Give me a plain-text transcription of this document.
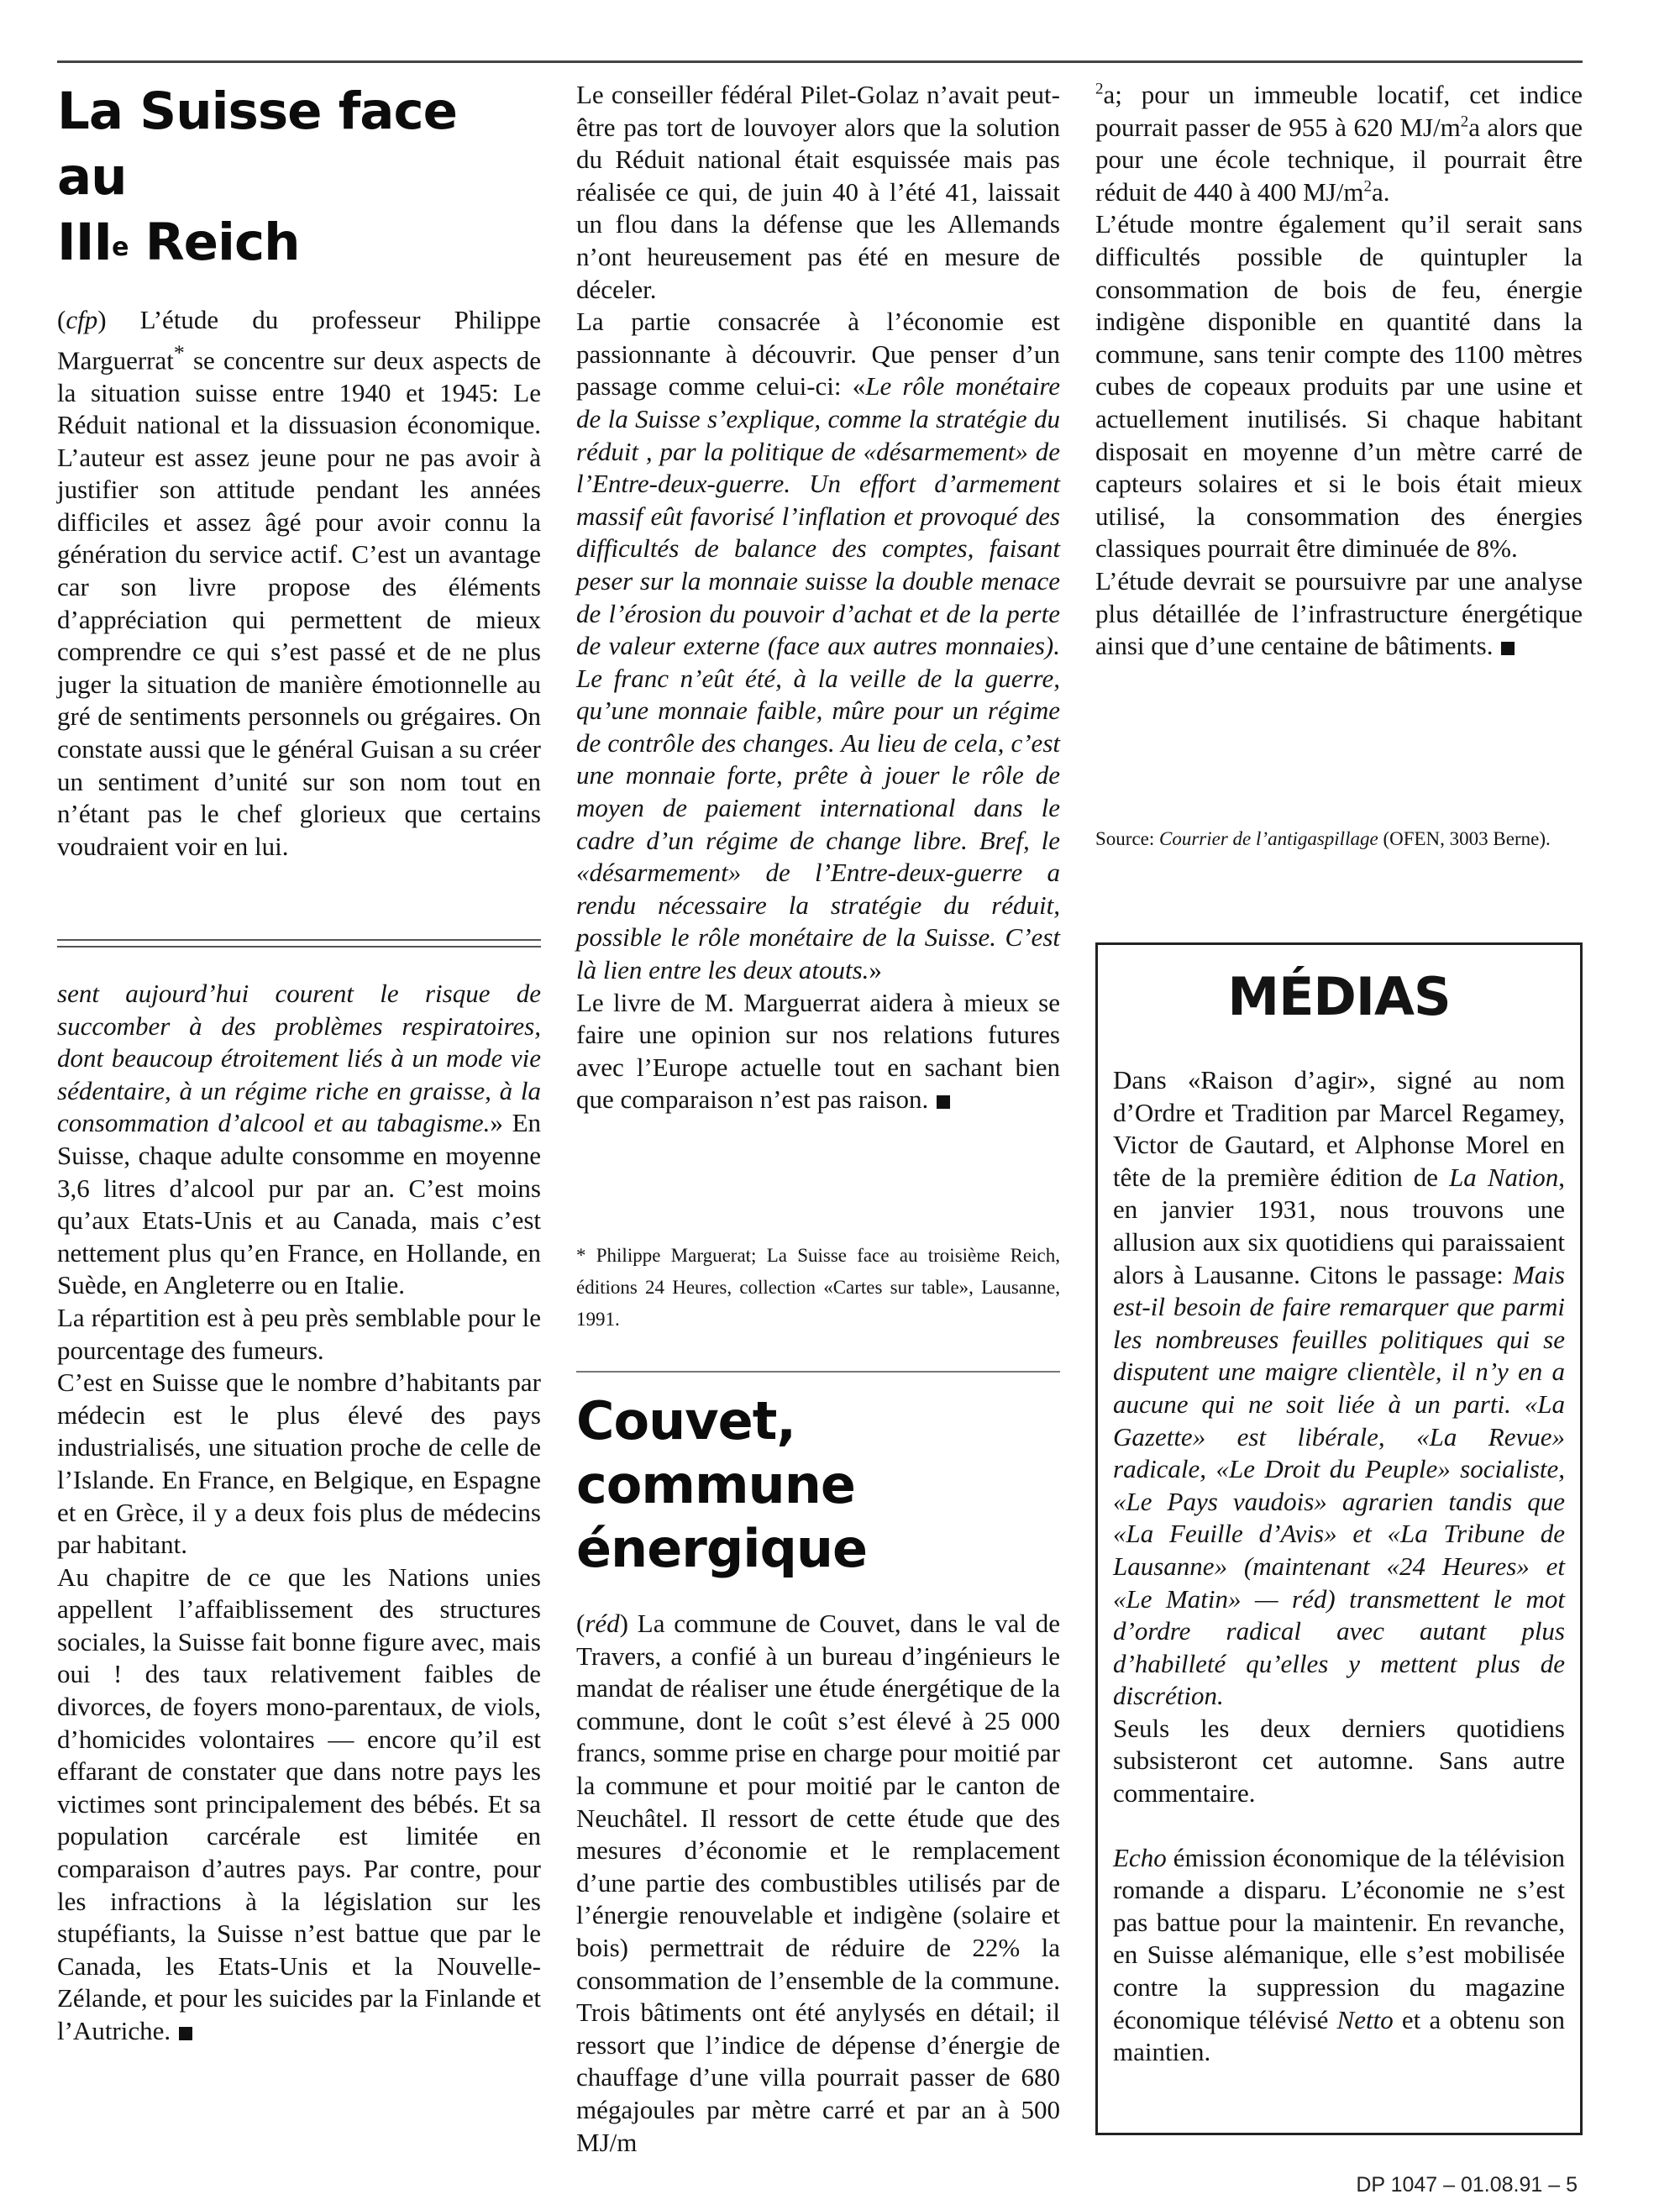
La Suisse face au
IIIe Reich

(cfp) L’étude du professeur Philippe Marguerrat* se concentre sur deux aspects de la situation suisse entre 1940 et 1945: Le Réduit national et la dissuasion économique. L’auteur est assez jeune pour ne pas avoir à justifier son attitude pendant les années difficiles et assez âgé pour avoir connu la génération du service actif. C’est un avantage car son livre propose des éléments d’appréciation qui permettent de mieux comprendre ce qui s’est passé et de ne plus juger la situation de manière émotionnelle au gré de sentiments personnels ou grégaires. On constate aussi que le général Guisan a su créer un sentiment d’unité sur son nom tout en n’étant pas le chef glorieux que certains voudraient voir en lui.

sent aujourd’hui courent le risque de succomber à des problèmes respiratoires, dont beaucoup étroitement liés à un mode vie sédentaire, à un régime riche en graisse, à la consommation d’alcool et au tabagisme.» En Suisse, chaque adulte consomme en moyenne 3,6 litres d’alcool pur par an. C’est moins qu’aux Etats-Unis et au Canada, mais c’est nettement plus qu’en France, en Hollande, en Suède, en Angleterre ou en Italie.

La répartition est à peu près semblable pour le pourcentage des fumeurs.

C’est en Suisse que le nombre d’habitants par médecin est le plus élevé des pays industrialisés, une situation proche de celle de l’Islande. En France, en Belgique, en Espagne et en Grèce, il y a deux fois plus de médecins par habitant.

Au chapitre de ce que les Nations unies appellent l’affaiblissement des structures sociales, la Suisse fait bonne figure avec, mais oui ! des taux relativement faibles de divorces, de foyers mono-parentaux, de viols, d’homicides volontaires — encore qu’il est effarant de constater que dans notre pays les victimes sont principalement des bébés. Et sa population carcérale est limitée en comparaison d’autres pays. Par contre, pour les infractions à la législation sur les stupéfiants, la Suisse n’est battue que par le Canada, les Etats-Unis et la Nouvelle-Zélande, et pour les suicides par la Finlande et l’Autriche.

Le conseiller fédéral Pilet-Golaz n’avait peut-être pas tort de louvoyer alors que la solution du Réduit national était esquissée mais pas réalisée ce qui, de juin 40 à l’été 41, laissait un flou dans la défense que les Allemands n’ont heureusement pas été en mesure de déceler.

La partie consacrée à l’économie est passionnante à découvrir. Que penser d’un passage comme celui-ci: «Le rôle monétaire de la Suisse s’explique, comme la stratégie du réduit , par la politique de «désarmement» de l’Entre-deux-guerre. Un effort d’armement massif eût favorisé l’inflation et provoqué des difficultés de balance des comptes, faisant peser sur la monnaie suisse la double menace de l’érosion du pouvoir d’achat et de la perte de valeur externe (face aux autres monnaies). Le franc n’eût été, à la veille de la guerre, qu’une monnaie faible, mûre pour un régime de contrôle des changes. Au lieu de cela, c’est une monnaie forte, prête à jouer le rôle de moyen de paiement international dans le cadre d’un régime de change libre. Bref, le «désarmement» de l’Entre-deux-guerre a rendu nécessaire la stratégie du réduit, possible le rôle monétaire de la Suisse. C’est là lien entre les deux atouts.»

Le livre de M. Marguerrat aidera à mieux se faire une opinion sur nos relations futures avec l’Europe actuelle tout en sachant bien que comparaison n’est pas raison.

* Philippe Marguerat; La Suisse face au troisième Reich, éditions 24 Heures, collection «Cartes sur table», Lausanne, 1991.
Couvet, commune énergique

(réd) La commune de Couvet, dans le val de Travers, a confié à un bureau d’ingénieurs le mandat de réaliser une étude énergétique de la commune, dont le coût s’est élevé à 25 000 francs, somme prise en charge pour moitié par la commune et pour moitié par le canton de Neuchâtel. Il ressort de cette étude que des mesures d’économie et le remplacement d’une partie des combustibles utilisés par de l’énergie renouvelable et indigène (solaire et bois) permettrait de réduire de 22% la consommation de l’ensemble de la commune. Trois bâtiments ont été anylysés en détail; il ressort que l’indice de dépense d’énergie de chauffage d’une villa pourrait passer de 680 mégajoules par mètre carré et par an à 500 MJ/m

$^2$a; pour un immeuble locatif, cet indice pourrait passer de 955 à 620 $MJ/m^2a$ alors que pour une école technique, il pourrait être réduit de 440 à 400 $MJ/m^2a$.

L’étude montre également qu’il serait sans difficultés possible de quintupler la consommation de bois de feu, énergie indigène disponible en quantité dans la commune, sans tenir compte des 1100 mètres cubes de copeaux produits par une usine et actuellement inutilisés. Si chaque habitant disposait en moyenne d’un mètre carré de capteurs solaires et si le bois était mieux utilisé, la consommation des énergies classiques pourrait être diminuée de 8%.

L’étude devrait se poursuivre par une analyse plus détaillée de l’infrastructure énergétique ainsi que d’une centaine de bâtiments.

Source: Courrier de l’antigaspillage (OFEN, 3003 Berne).
MÉDIAS

Dans «Raison d’agir», signé au nom d’Ordre et Tradition par Marcel Regamey, Victor de Gautard, et Alphonse Morel en tête de la première édition de La Nation, en janvier 1931, nous trouvons une allusion aux six quotidiens qui paraissaient alors à Lausanne. Citons le passage: Mais est-il besoin de faire remarquer que parmi les nombreuses feuilles politiques qui se disputent une maigre clientèle, il n’y en a aucune qui ne soit liée à un parti. «La Gazette» est libérale, «La Revue» radicale, «Le Droit du Peuple» socialiste, «Le Pays vaudois» agrarien tandis que «La Feuille d’Avis» et «La Tribune de Lausanne» (maintenant «24 Heures» et «Le Matin» — réd) transmettent le mot d’ordre radical avec autant plus d’habilleté qu’elles y mettent plus de discrétion.

Seuls les deux derniers quotidiens subsisteront cet automne. Sans autre commentaire.

Echo émission économique de la télévision romande a disparu. L’économie ne s’est pas battue pour la maintenir. En revanche, en Suisse alémanique, elle s’est mobilisée contre la suppression du magazine économique télévisé Netto et a obtenu son maintien.

DP 1047 – 01.08.91 – 5
